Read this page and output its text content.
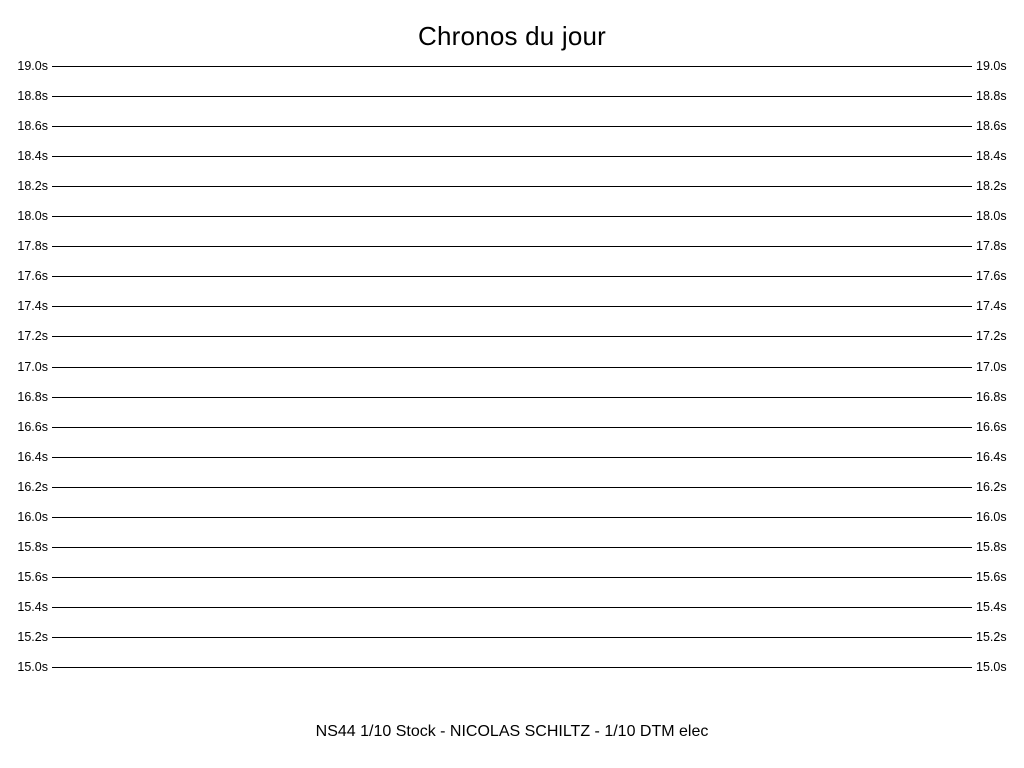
Chronos du jour
19.0s	19.0s
18.8s	18.8s
18.6s	18.6s
18.4s	18.4s
18.2s	18.2s
18.0s	18.0s
17.8s	17.8s
17.6s	17.6s
17.4s	17.4s
17.2s	17.2s
17.0s	17.0s
16.8s	16.8s
16.6s	16.6s
16.4s	16.4s
16.2s	16.2s
16.0s	16.0s
15.8s	15.8s
15.6s	15.6s
15.4s	15.4s
15.2s	15.2s
15.0s	15.0s
NS44 1/10 Stock - NICOLAS SCHILTZ - 1/10 DTM elec
